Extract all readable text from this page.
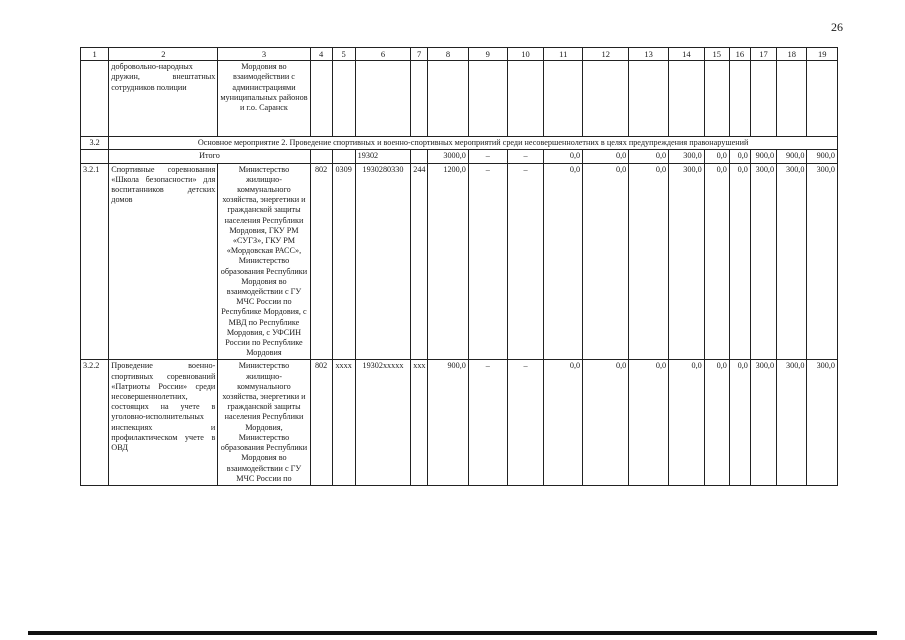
26
1	2	3	4	5	6	7	8	9	10	11	12	13	14	15	16	17	18	19
	добровольно-народных дружин, внештатных сотрудников полиции	Мордовия во взаимодействии с администрациями муниципальных районов и г.о. Саранск																
3.2	Основное мероприятие 2. Проведение спортивных и военно-спортивных мероприятий среди несовершеннолетних в целях предупреждения правонарушений																	
	Итого				19302		3000,0	–	–	0,0	0,0	0,0	300,0	0,0	0,0	900,0	900,0	900,0
3.2.1	Спортивные соревнования «Школа безопасности» для воспитанников детских домов	Министерство жилищно-коммунального хозяйства, энергетики и гражданской защиты населения Республики Мордовия, ГКУ РМ «СУГЗ», ГКУ РМ «Мордовская РАСС», Министерство образования Республики Мордовия во взаимодействии с ГУ МЧС России по Республике Мордовия, с МВД по Республике Мордовия, с УФСИН России по Республике Мордовия	802	0309	1930280330	244	1200,0	–	–	0,0	0,0	0,0	300,0	0,0	0,0	300,0	300,0	300,0
3.2.2	Проведение военно-спортивных соревнований «Патриоты России» среди несовершеннолетних, состоящих на учете в уголовно-исполнительных инспекциях и профилактическом учете в ОВД	Министерство жилищно-коммунального хозяйства, энергетики и гражданской защиты населения Республики Мордовия, Министерство образования Республики Мордовия во взаимодействии с ГУ МЧС России по	802	хххх	19302ххххх	ххх	900,0	–	–	0,0	0,0	0,0	0,0	0,0	0,0	300,0	300,0	300,0
